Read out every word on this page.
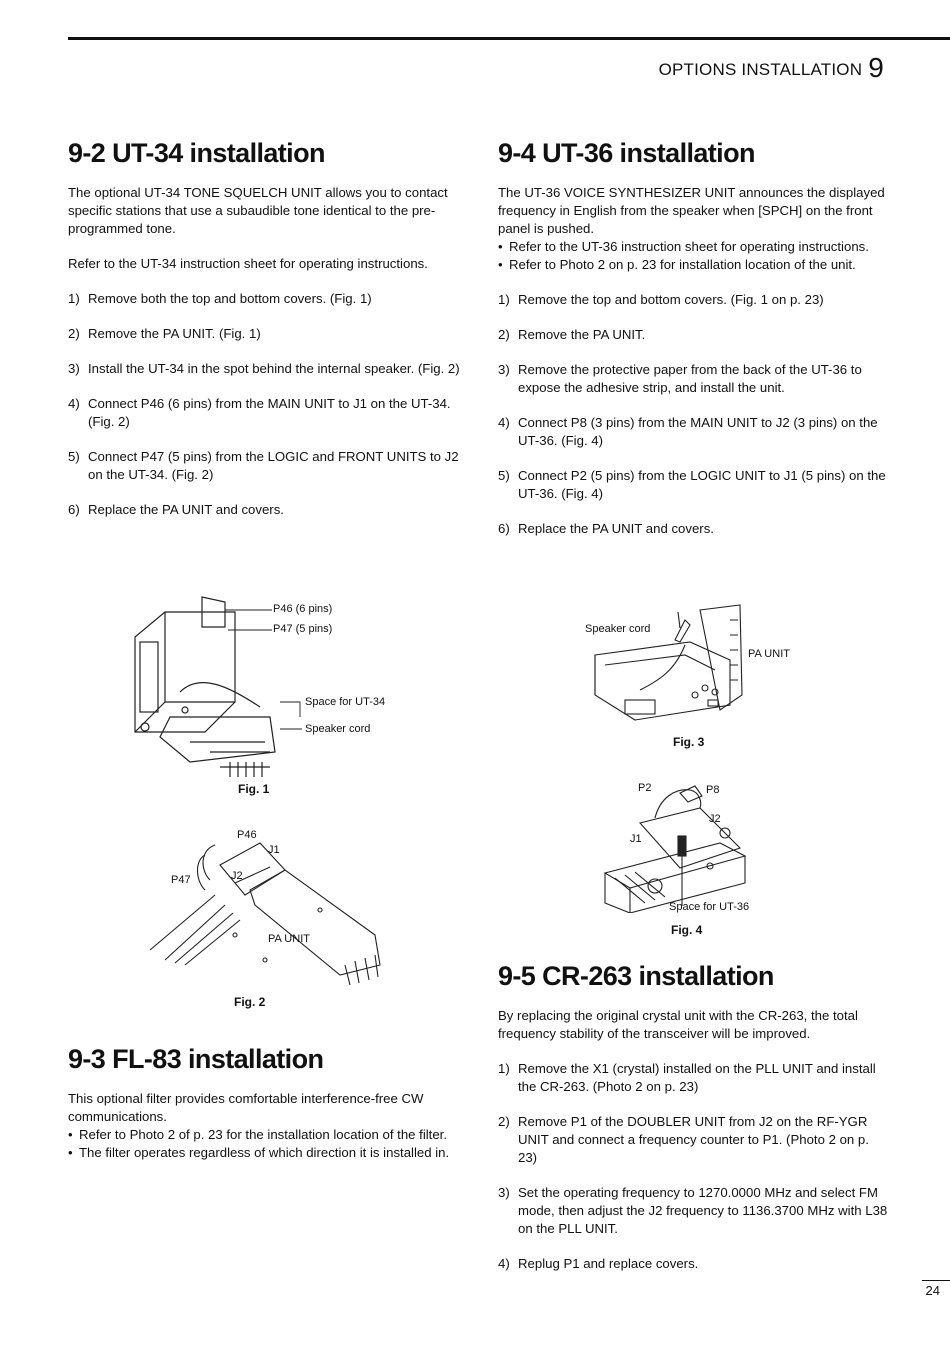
OPTIONS INSTALLATION 9
9-2 UT-34 installation

The optional UT-34 TONE SQUELCH UNIT allows you to contact specific stations that use a subaudible tone identical to the pre-programmed tone.

Refer to the UT-34 instruction sheet for operating instructions.

1) Remove both the top and bottom covers. (Fig. 1)
2) Remove the PA UNIT. (Fig. 1)
3) Install the UT-34 in the spot behind the internal speaker. (Fig. 2)
4) Connect P46 (6 pins) from the MAIN UNIT to J1 on the UT-34. (Fig. 2)
5) Connect P47 (5 pins) from the LOGIC and FRONT UNITS to J2 on the UT-34. (Fig. 2)
6) Replace the PA UNIT and covers.
P46 (6 pins)
P47 (5 pins)
Space for UT-34
Speaker cord
Fig. 1
P46
J1
P47	J2
PA UNIT
Fig. 2
9-3 FL-83 installation

This optional filter provides comfortable interference-free CW communications.

• Refer to Photo 2 of p. 23 for the installation location of the filter.

• The filter operates regardless of which direction it is installed in.

9-4 UT-36 installation

The UT-36 VOICE SYNTHESIZER UNIT announces the displayed frequency in English from the speaker when [SPCH] on the front panel is pushed.

• Refer to the UT-36 instruction sheet for operating instructions.

• Refer to Photo 2 on p. 23 for installation location of the unit.

1) Remove the top and bottom covers. (Fig. 1 on p. 23)
2) Remove the PA UNIT.
3) Remove the protective paper from the back of the UT-36 to expose the adhesive strip, and install the unit.
4) Connect P8 (3 pins) from the MAIN UNIT to J2 (3 pins) on the UT-36. (Fig. 4)
5) Connect P2 (5 pins) from the LOGIC UNIT to J1 (5 pins) on the UT-36. (Fig. 4)
6) Replace the PA UNIT and covers.
Speaker cord
PA UNIT
Fig. 3
P2	P8
J2
J1
Space for UT-36
Fig. 4
9-5 CR-263 installation

By replacing the original crystal unit with the CR-263, the total frequency stability of the transceiver will be improved.

1) Remove the X1 (crystal) installed on the PLL UNIT and install the CR-263. (Photo 2 on p. 23)
2) Remove P1 of the DOUBLER UNIT from J2 on the RF-YGR UNIT and connect a frequency counter to P1. (Photo 2 on p. 23)
3) Set the operating frequency to 1270.0000 MHz and select FM mode, then adjust the J2 frequency to 1136.3700 MHz with L38 on the PLL UNIT.
4) Replug P1 and replace covers.
24
